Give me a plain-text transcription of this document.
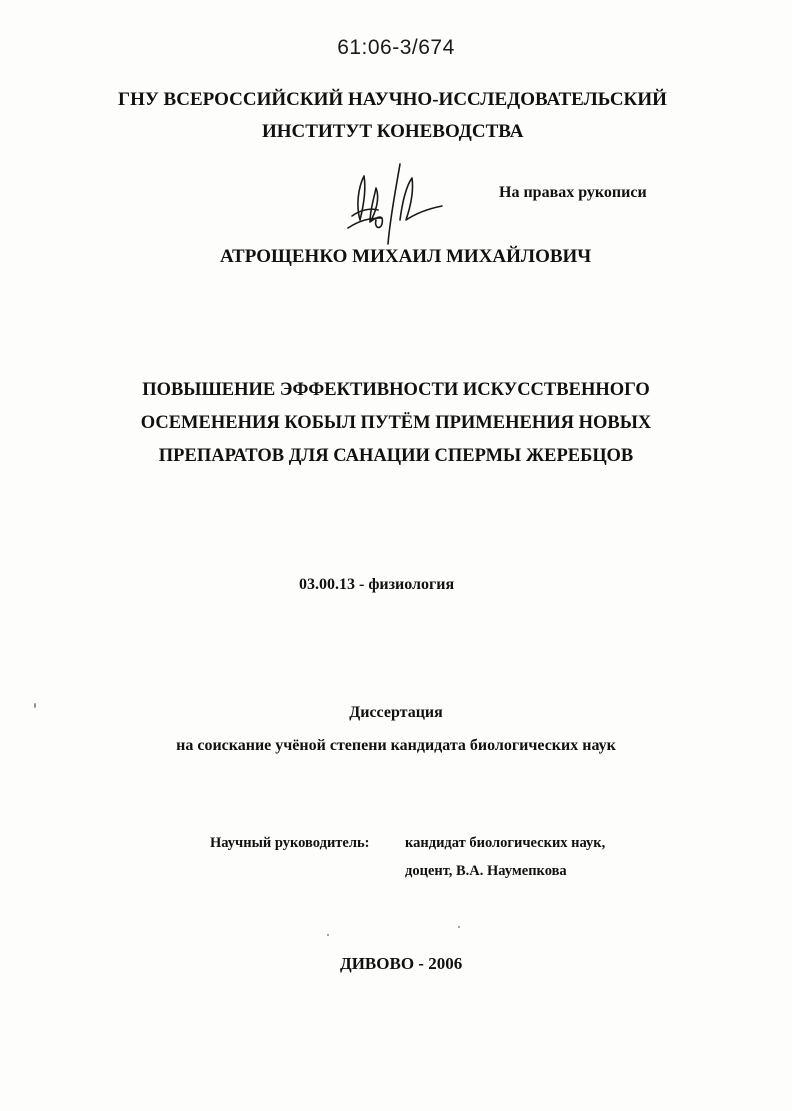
61:06-3/674
ГНУ ВСЕРОССИЙСКИЙ НАУЧНО-ИССЛЕДОВАТЕЛЬСКИЙ
ИНСТИТУТ КОНЕВОДСТВА
На правах рукописи
АТРОЩЕНКО МИХАИЛ МИХАЙЛОВИЧ
ПОВЫШЕНИЕ ЭФФЕКТИВНОСТИ ИСКУССТВЕННОГО
ОСЕМЕНЕНИЯ КОБЫЛ ПУТЁМ ПРИМЕНЕНИЯ НОВЫХ
ПРЕПАРАТОВ ДЛЯ САНАЦИИ СПЕРМЫ ЖЕРЕБЦОВ
03.00.13 - физиология
Диссертация
на соискание учёной степени кандидата биологических наук
Научный руководитель: кандидат биологических наук,
доцент, В.А. Наумепкова
ДИВОВО - 2006
